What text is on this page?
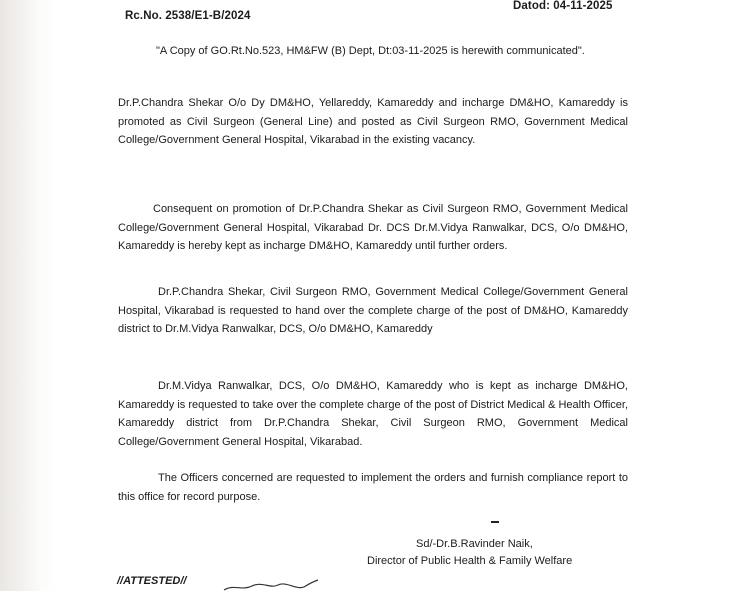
Rc.No. 2538/E1-B/2024
Datod: 04-11-2025

"A Copy of GO.Rt.No.523, HM&FW (B) Dept, Dt:03-11-2025 is herewith communicated".

Dr.P.Chandra Shekar O/o Dy DM&HO, Yellareddy, Kamareddy and incharge DM&HO, Kamareddy is promoted as Civil Surgeon (General Line) and posted as Civil Surgeon RMO, Government Medical College/Government General Hospital, Vikarabad in the existing vacancy.

Consequent on promotion of Dr.P.Chandra Shekar as Civil Surgeon RMO, Government Medical College/Government General Hospital, Vikarabad Dr. DCS Dr.M.Vidya Ranwalkar, DCS, O/o DM&HO, Kamareddy is hereby kept as incharge DM&HO, Kamareddy until further orders.

Dr.P.Chandra Shekar, Civil Surgeon RMO, Government Medical College/Government General Hospital, Vikarabad is requested to hand over the complete charge of the post of DM&HO, Kamareddy district to Dr.M.Vidya Ranwalkar, DCS, O/o DM&HO, Kamareddy

Dr.M.Vidya Ranwalkar, DCS, O/o DM&HO, Kamareddy who is kept as incharge DM&HO, Kamareddy is requested to take over the complete charge of the post of District Medical & Health Officer, Kamareddy district from Dr.P.Chandra Shekar, Civil Surgeon RMO, Government Medical College/Government General Hospital, Vikarabad.

The Officers concerned are requested to implement the orders and furnish compliance report to this office for record purpose.

Sd/-Dr.B.Ravinder Naik,
Director of Public Health & Family Welfare
//ATTESTED//
